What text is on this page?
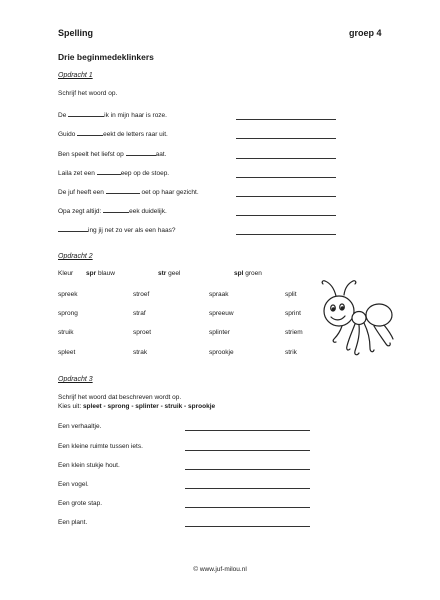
Spelling	groep 4
Drie beginmedeklinkers
Opdracht 1
Schrijf het woord op.
De	ik in mijn haar is roze.
Guido	eekt de letters raar uit.
Ben speelt het liefst op	aat.
Laila zet een	eep op de stoep.
De juf heeft een	oet op haar gezicht.
Opa zegt altijd:	eek duidelijk.
ing jij net zo ver als een haas?
Opdracht 2
Kleur spr blauw	str geel	spl groen
spreek	stroef	spraak	split
sprong	straf	spreeuw	sprint
struik	sproet	splinter	striem
spleet	strak	sprookje	strik
Opdracht 3
Schrijf het woord dat beschreven wordt op.
Kies uit: spleet - sprong - splinter - struik - sprookje
Een verhaaltje.
Een kleine ruimte tussen iets.
Een klein stukje hout.
Een vogel.
Een grote stap.
Een plant.
© www.juf-milou.nl
